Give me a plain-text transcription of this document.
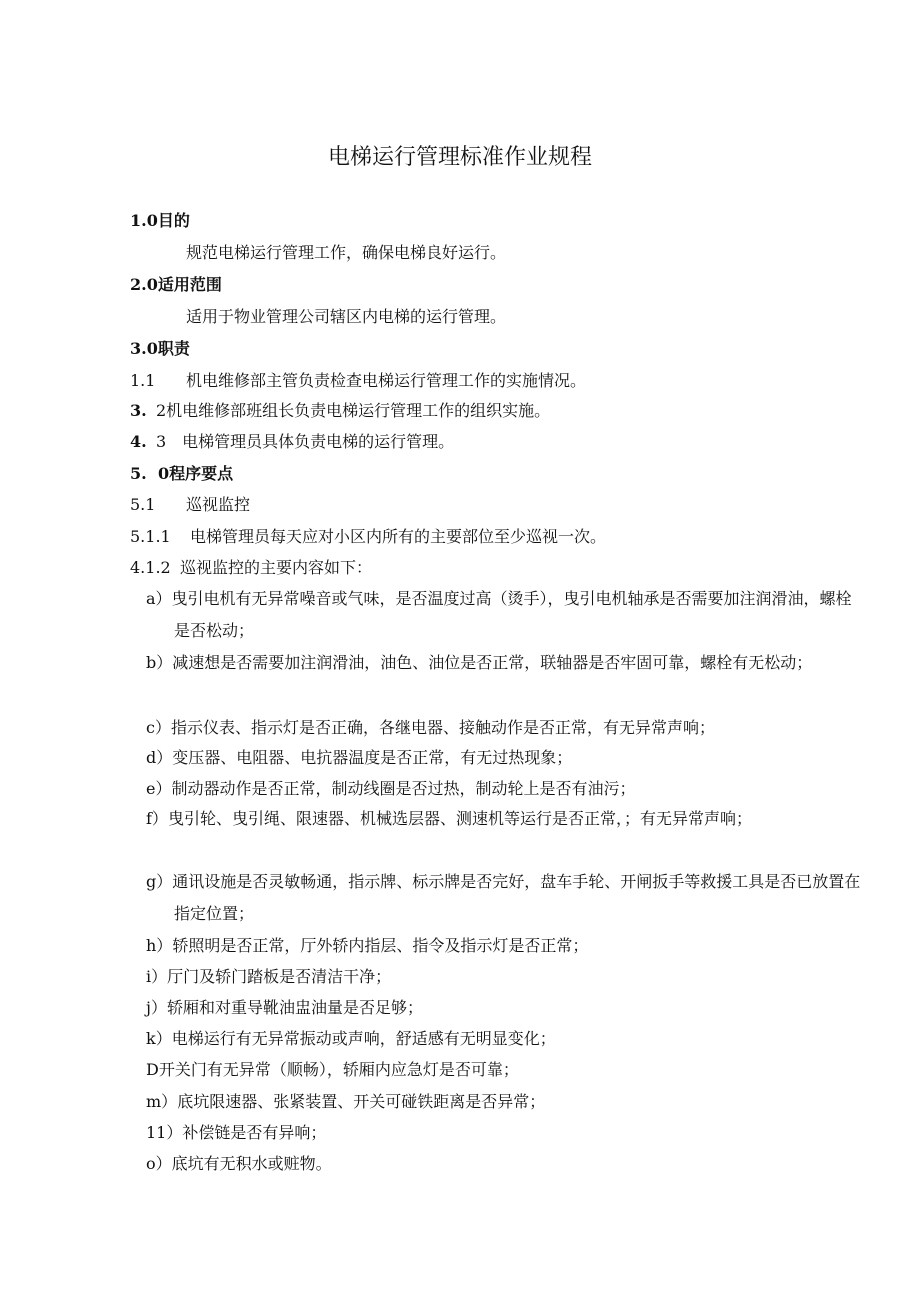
电梯运行管理标准作业规程
1.0目的
规范电梯运行管理工作，确保电梯良好运行。
2.0适用范围
适用于物业管理公司辖区内电梯的运行管理。
3.0职责
1.1 机电维修部主管负责检查电梯运行管理工作的实施情况。
3. 2机电维修部班组长负责电梯运行管理工作的组织实施。
4. 3　电梯管理员具体负责电梯的运行管理。
5. 0程序要点
5.1 巡视监控
5.1.1 电梯管理员每天应对小区内所有的主要部位至少巡视一次。
4.1.2 巡视监控的主要内容如下：
a）曳引电机有无异常噪音或气味，是否温度过高（烫手），曳引电机轴承是否需要加注润滑油，螺栓是否松动；
b）减速想是否需要加注润滑油，油色、油位是否正常，联轴器是否牢固可靠，螺栓有无松动；
c）指示仪表、指示灯是否正确，各继电器、接触动作是否正常，有无异常声响；
d）变压器、电阻器、电抗器温度是否正常，有无过热现象；
e）制动器动作是否正常，制动线圈是否过热，制动轮上是否有油污；
f）曳引轮、曳引绳、限速器、机械选层器、测速机等运行是否正常，；有无异常声响；
g）通讯设施是否灵敏畅通，指示牌、标示牌是否完好，盘车手轮、开闸扳手等救援工具是否已放置在指定位置；
h）轿照明是否正常，厅外轿内指层、指令及指示灯是否正常；
i）厅门及轿门踏板是否清洁干净；
j）轿厢和对重导靴油盅油量是否足够；
k）电梯运行有无异常振动或声响，舒适感有无明显变化；
D开关门有无异常（顺畅），轿厢内应急灯是否可靠；
m）底坑限速器、张紧装置、开关可碰铁距离是否异常；
11）补偿链是否有异响；
o）底坑有无积水或赃物。
